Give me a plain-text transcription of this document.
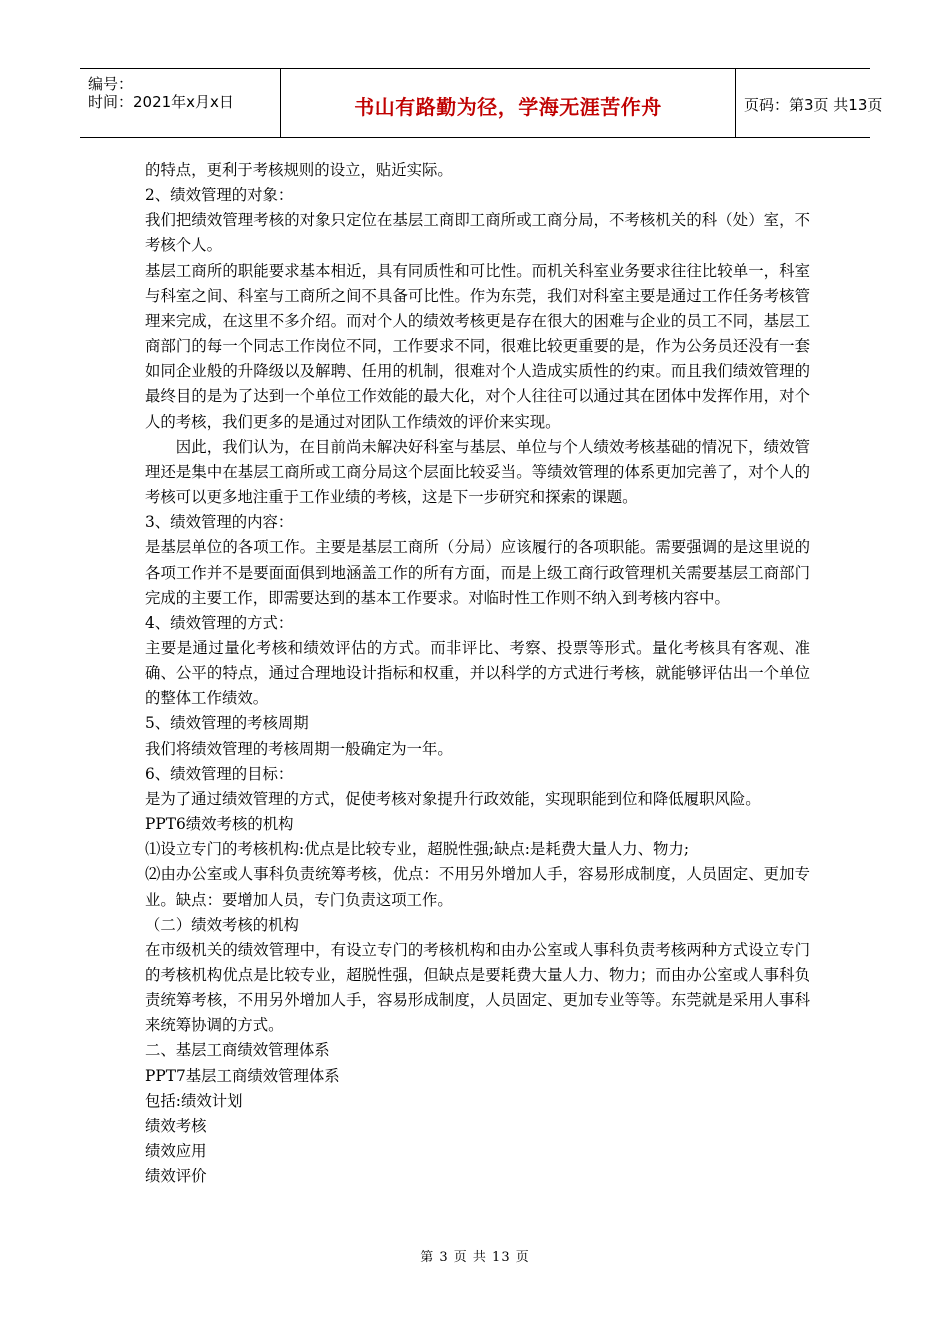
编号：
时间：2021年x月x日	书山有路勤为径，学海无涯苦作舟	页码：第3页 共13页

的特点，更利于考核规则的设立，贴近实际。

2、绩效管理的对象：

我们把绩效管理考核的对象只定位在基层工商即工商所或工商分局，不考核机关的科（处）室，不考核个人。

基层工商所的职能要求基本相近，具有同质性和可比性。而机关科室业务要求往往比较单一，科室与科室之间、科室与工商所之间不具备可比性。作为东莞，我们对科室主要是通过工作任务考核管理来完成，在这里不多介绍。而对个人的绩效考核更是存在很大的困难与企业的员工不同，基层工商部门的每一个同志工作岗位不同，工作要求不同，很难比较更重要的是，作为公务员还没有一套如同企业般的升降级以及解聘、任用的机制，很难对个人造成实质性的约束。而且我们绩效管理的最终目的是为了达到一个单位工作效能的最大化，对个人往往可以通过其在团体中发挥作用，对个人的考核，我们更多的是通过对团队工作绩效的评价来实现。

因此，我们认为，在目前尚未解决好科室与基层、单位与个人绩效考核基础的情况下，绩效管理还是集中在基层工商所或工商分局这个层面比较妥当。等绩效管理的体系更加完善了，对个人的考核可以更多地注重于工作业绩的考核，这是下一步研究和探索的课题。

3、绩效管理的内容：

是基层单位的各项工作。主要是基层工商所（分局）应该履行的各项职能。需要强调的是这里说的各项工作并不是要面面俱到地涵盖工作的所有方面，而是上级工商行政管理机关需要基层工商部门完成的主要工作，即需要达到的基本工作要求。对临时性工作则不纳入到考核内容中。

4、绩效管理的方式：

主要是通过量化考核和绩效评估的方式。而非评比、考察、投票等形式。量化考核具有客观、准确、公平的特点，通过合理地设计指标和权重，并以科学的方式进行考核，就能够评估出一个单位的整体工作绩效。

5、绩效管理的考核周期

我们将绩效管理的考核周期一般确定为一年。

6、绩效管理的目标：

是为了通过绩效管理的方式，促使考核对象提升行政效能，实现职能到位和降低履职风险。

PPT6绩效考核的机构

⑴设立专门的考核机构:优点是比较专业，超脱性强;缺点:是耗费大量人力、物力;

⑵由办公室或人事科负责统筹考核，优点：不用另外增加人手，容易形成制度，人员固定、更加专业。缺点：要增加人员，专门负责这项工作。

（二）绩效考核的机构

在市级机关的绩效管理中，有设立专门的考核机构和由办公室或人事科负责考核两种方式设立专门的考核机构优点是比较专业，超脱性强，但缺点是要耗费大量人力、物力；而由办公室或人事科负责统筹考核，不用另外增加人手，容易形成制度，人员固定、更加专业等等。东莞就是采用人事科来统筹协调的方式。

二、基层工商绩效管理体系

PPT7基层工商绩效管理体系

包括:绩效计划

绩效考核

绩效应用

绩效评价

第 3 页 共 13 页
